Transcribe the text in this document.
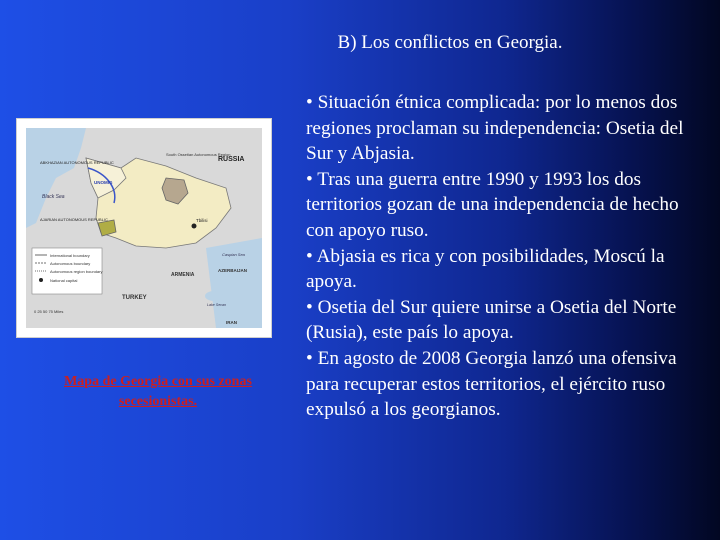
B) Los conflictos en Georgia.
International boundary
Autonomous boundary
Autonomous region boundary
National capital
0 25 50 75 Miles
RUSSIA
South Ossetian Autonomous Region
ABKHAZIAN AUTONOMOUS REPUBLIC
UNOMIG
Black Sea
AJARIAN AUTONOMOUS REPUBLIC	Tbilisi
ARMENIA
TURKEY
AZERBAIJAN
IRAN
Caspian Sea
Lake Sevan
Mapa de Georgia con sus zonas secesionistas.

• Situación étnica complicada: por lo menos dos regiones proclaman su independencia: Osetia del Sur y Abjasia.

• Tras una guerra entre 1990 y 1993 los dos territorios gozan de una independencia de hecho con apoyo ruso.

• Abjasia es rica y con posibilidades, Moscú la apoya.

• Osetia del Sur quiere unirse a Osetia del Norte (Rusia), este país lo apoya.

• En agosto de 2008 Georgia lanzó una ofensiva para recuperar estos territorios, el ejército ruso expulsó a los georgianos.
